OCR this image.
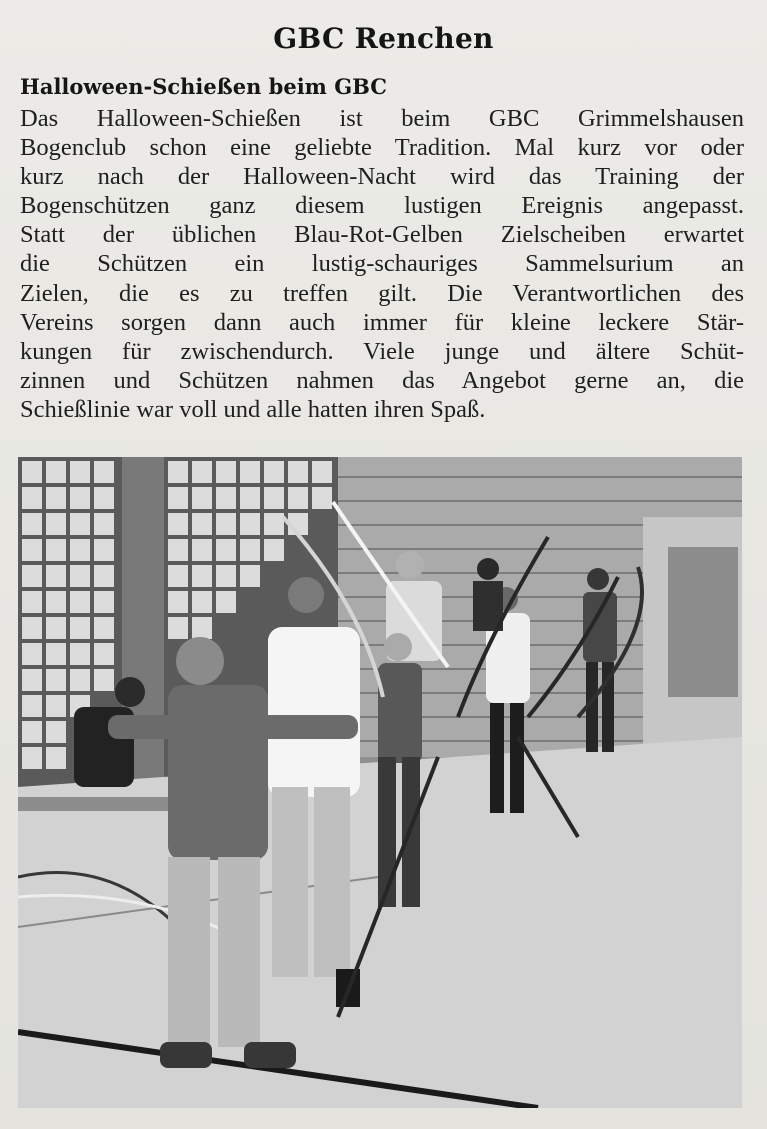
GBC Renchen
Halloween-Schießen beim GBC
Das Halloween-Schießen ist beim GBC Grimmelshausen
Bogenclub schon eine geliebte Tradition. Mal kurz vor oder
kurz nach der Halloween-Nacht wird das Training der
Bogenschützen ganz diesem lustigen Ereignis angepasst.
Statt der üblichen Blau-Rot-Gelben Zielscheiben erwartet
die Schützen ein lustig-schauriges Sammelsurium an
Zielen, die es zu treffen gilt. Die Verantwortlichen des
Vereins sorgen dann auch immer für kleine leckere Stär-
kungen für zwischendurch. Viele junge und ältere Schüt-
zinnen und Schützen nahmen das Angebot gerne an, die
Schießlinie war voll und alle hatten ihren Spaß.
